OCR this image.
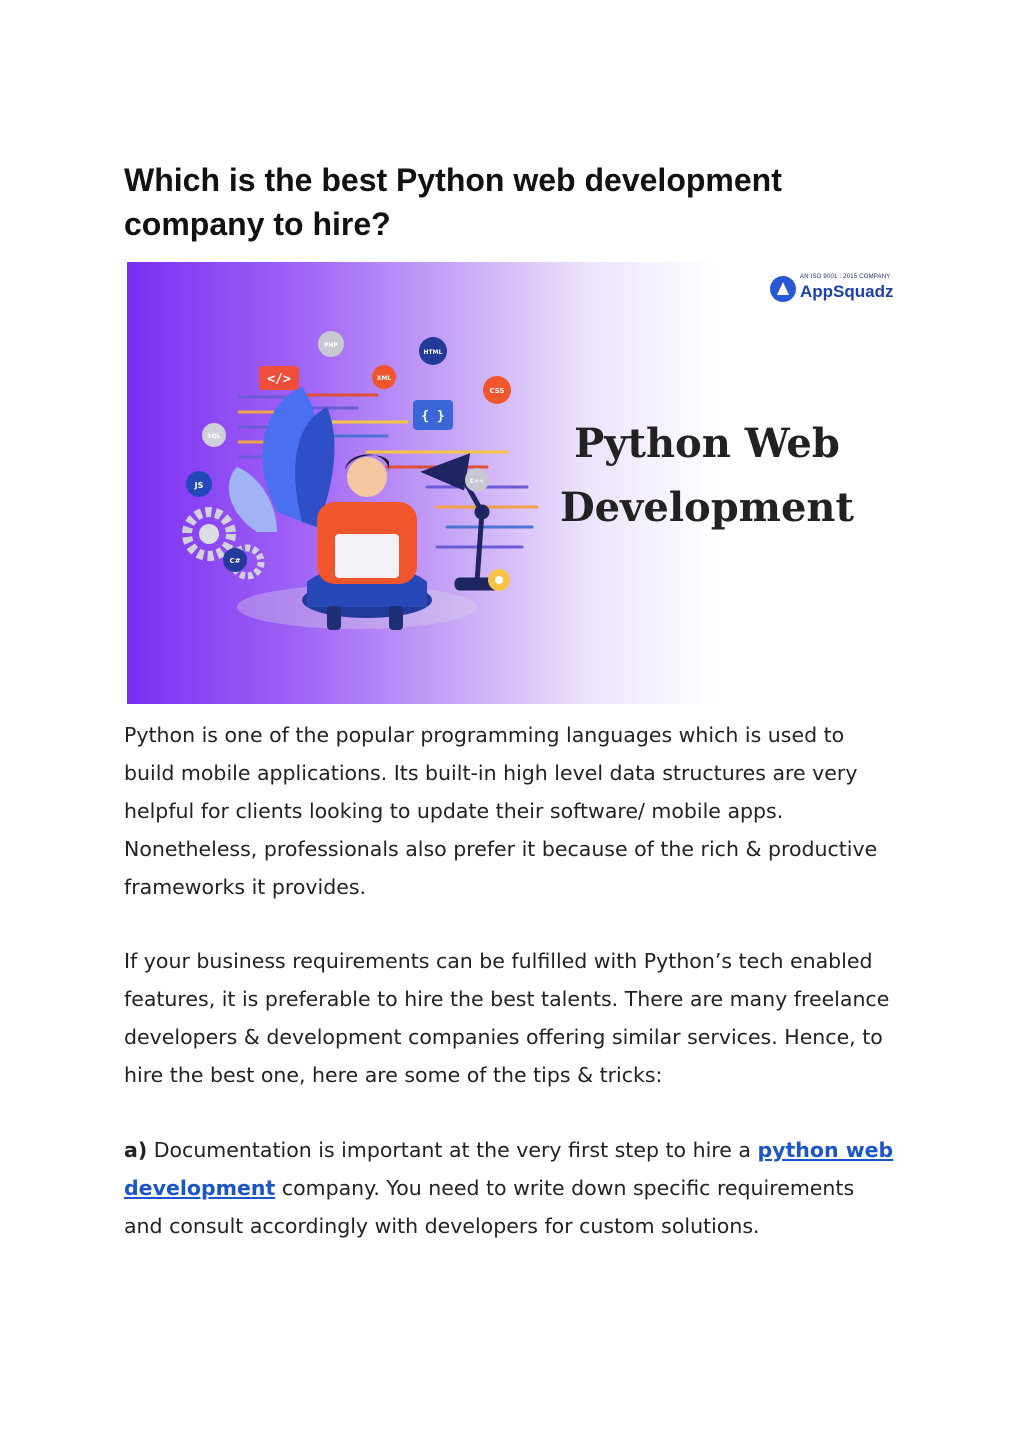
Which is the best Python web development company to hire?
</>
{ }
XML
HTML
CSS
PHP
SQL
JS
C#
C++
AN ISO 9001 : 2015 COMPANY
AppSquadz
Python Web
Development

Python is one of the popular programming languages which is used to build mobile applications. Its built-in high level data structures are very helpful for clients looking to update their software/ mobile apps. Nonetheless, professionals also prefer it because of the rich & productive frameworks it provides.

If your business requirements can be fulfilled with Python’s tech enabled features, it is preferable to hire the best talents. There are many freelance developers & development companies offering similar services. Hence, to hire the best one, here are some of the tips & tricks:

a) Documentation is important at the very first step to hire a python web development company. You need to write down specific requirements and consult accordingly with developers for custom solutions.
